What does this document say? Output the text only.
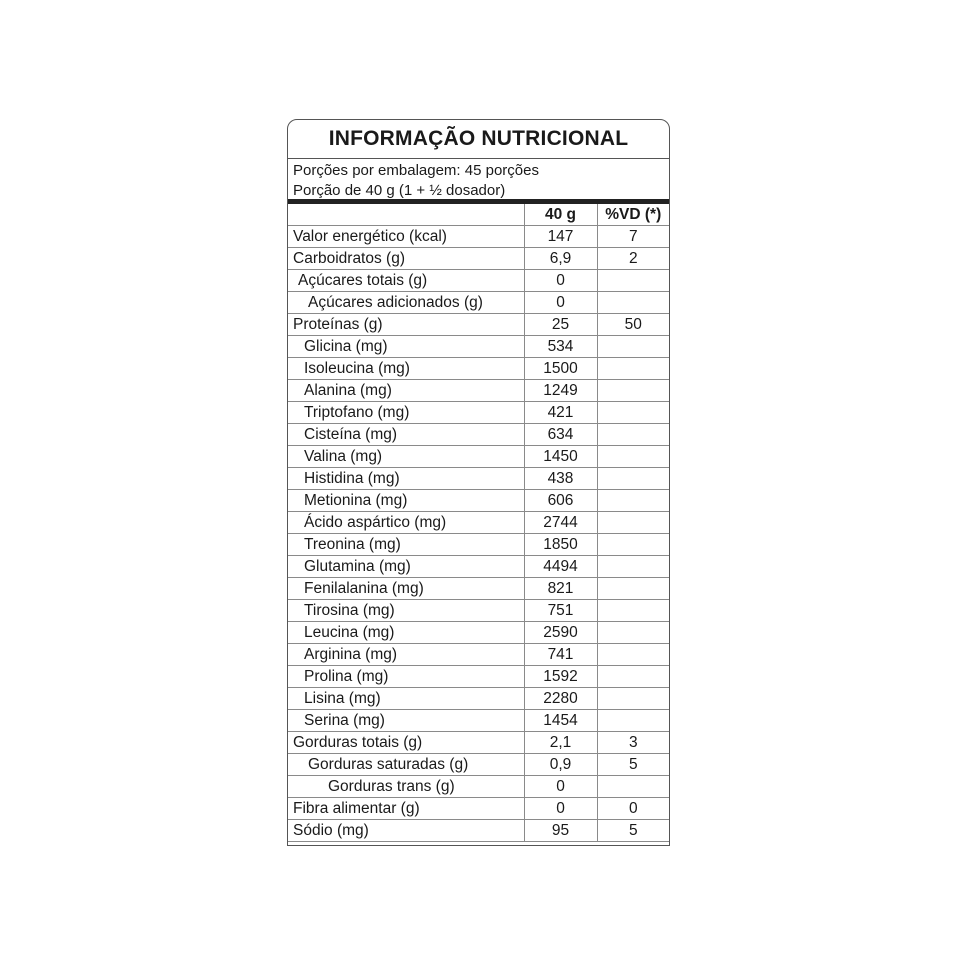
INFORMAÇÃO NUTRICIONAL
Porções por embalagem: 45 porções
Porção de 40 g (1 + ½ dosador)
	40 g	%VD (*)
Valor energético (kcal)	147	7
Carboidratos (g)	6,9	2
Açúcares totais (g)	0	
Açúcares adicionados (g)	0	
Proteínas (g)	25	50
Glicina (mg)	534	
Isoleucina (mg)	1500	
Alanina (mg)	1249	
Triptofano (mg)	421	
Cisteína (mg)	634	
Valina (mg)	1450	
Histidina (mg)	438	
Metionina (mg)	606	
Ácido aspártico (mg)	2744	
Treonina (mg)	1850	
Glutamina (mg)	4494	
Fenilalanina (mg)	821	
Tirosina (mg)	751	
Leucina (mg)	2590	
Arginina (mg)	741	
Prolina (mg)	1592	
Lisina (mg)	2280	
Serina (mg)	1454	
Gorduras totais (g)	2,1	3
Gorduras saturadas (g)	0,9	5
Gorduras trans (g)	0	
Fibra alimentar (g)	0	0
Sódio (mg)	95	5
